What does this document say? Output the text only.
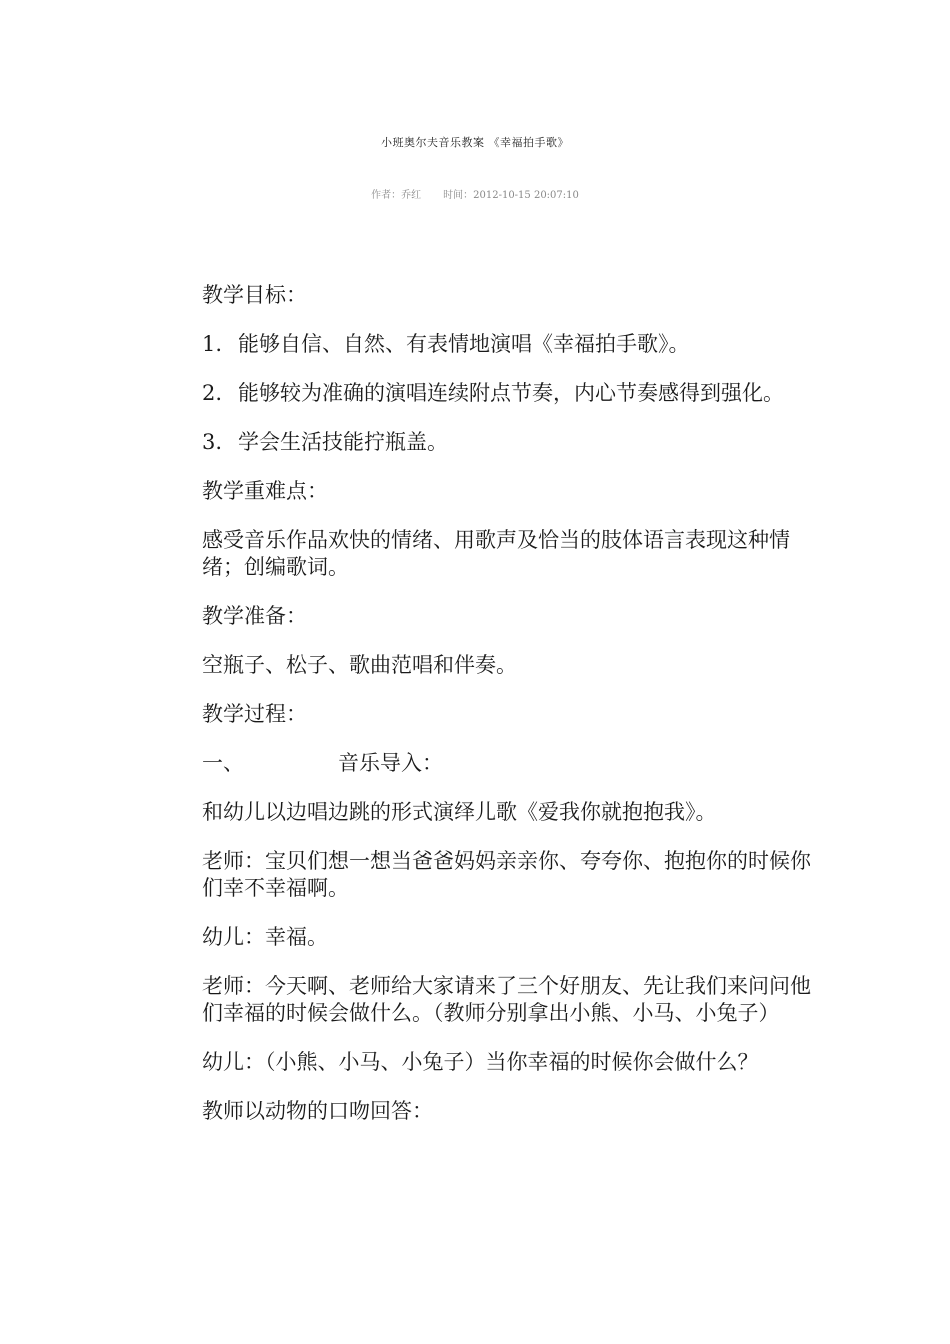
小班奥尔夫音乐教案 《幸福拍手歌》
作者：乔红 时间：2012-10-15 20:07:10

教学目标：

1. 能够自信、自然、有表情地演唱《幸福拍手歌》。

2. 能够较为准确的演唱连续附点节奏，内心节奏感得到强化。

3. 学会生活技能拧瓶盖。

教学重难点：

感受音乐作品欢快的情绪、用歌声及恰当的肢体语言表现这种情绪；创编歌词。

教学准备：

空瓶子、松子、歌曲范唱和伴奏。

教学过程：

一、	音乐导入：

和幼儿以边唱边跳的形式演绎儿歌《爱我你就抱抱我》。

老师：宝贝们想一想当爸爸妈妈亲亲你、夸夸你、抱抱你的时候你们幸不幸福啊。

幼儿：幸福。

老师：今天啊、老师给大家请来了三个好朋友、先让我们来问问他们幸福的时候会做什么。（教师分别拿出小熊、小马、小兔子）

幼儿：（小熊、小马、小兔子）当你幸福的时候你会做什么？

教师以动物的口吻回答：
